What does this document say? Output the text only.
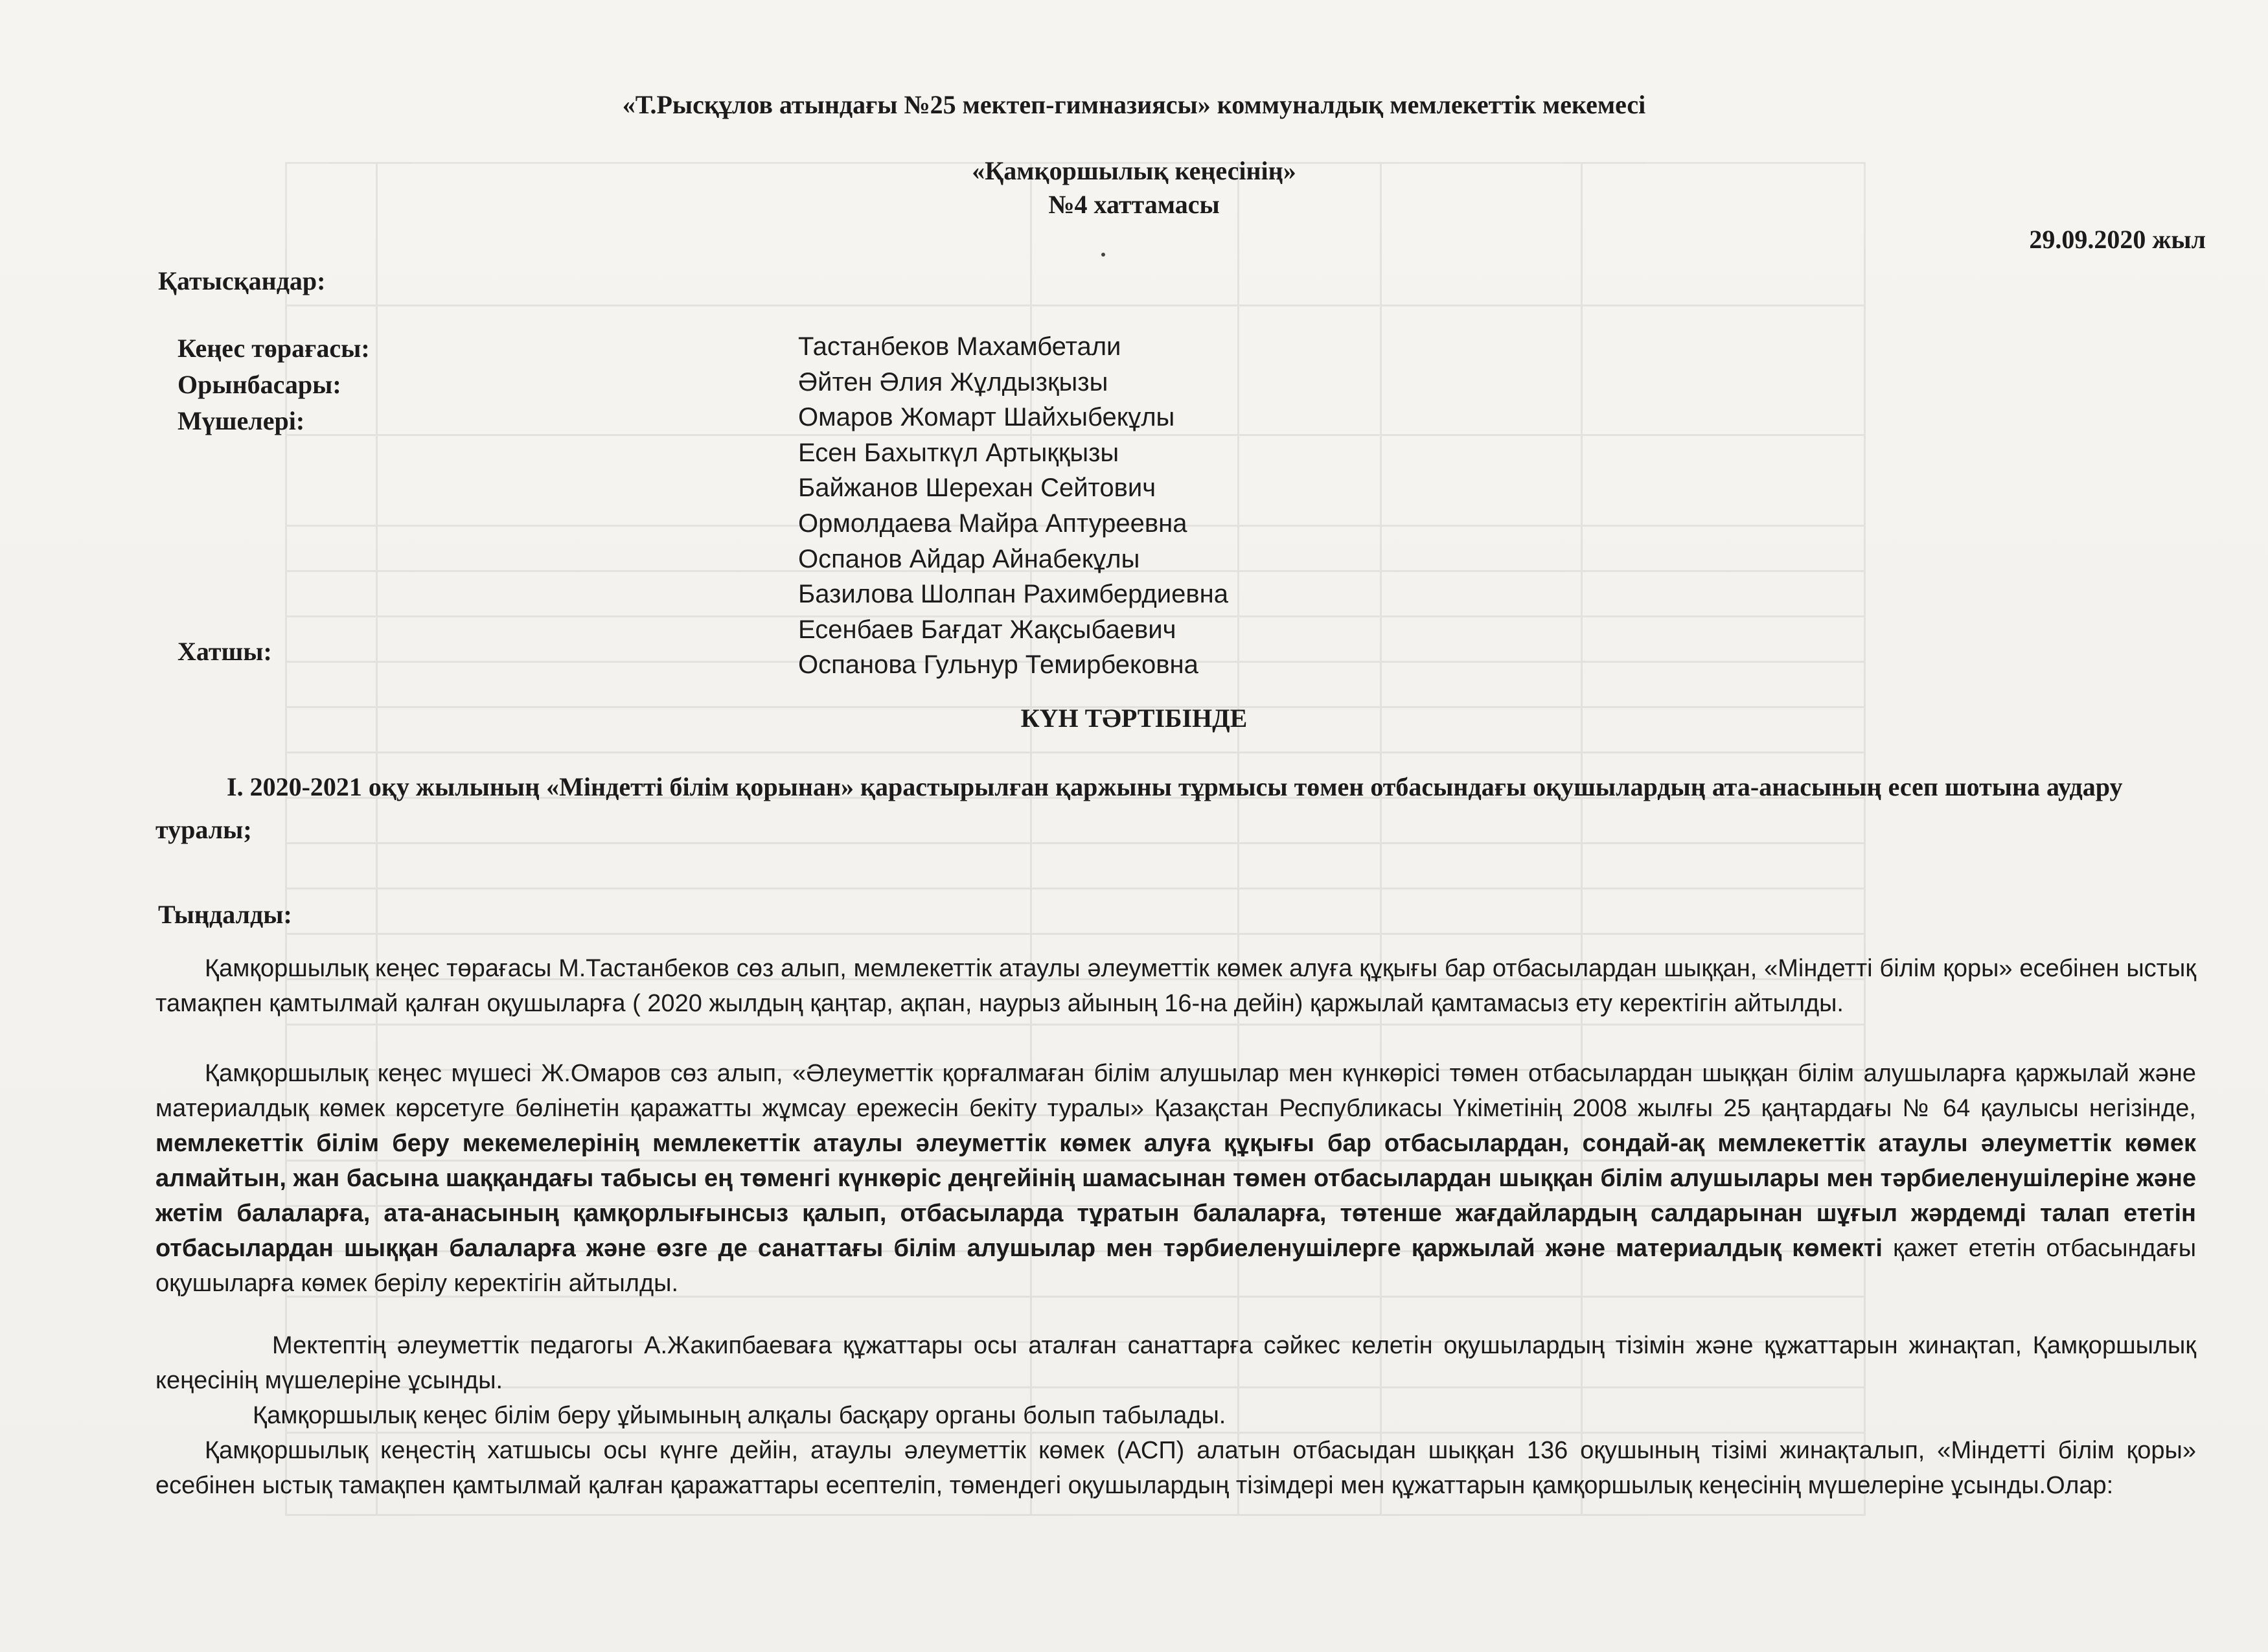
«Т.Рысқұлов атындағы №25 мектеп-гимназиясы» коммуналдық мемлекеттік мекемесі
«Қамқоршылық кеңесінің»
№4 хаттамасы
29.09.2020 жыл
Қатысқандар:
Кеңес төрағасы:
Орынбасары:
Мүшелері:
Хатшы:
Тастанбеков Махамбетали
Әйтен Әлия Жұлдызқызы
Омаров Жомарт Шайхыбекұлы
Есен Бахыткүл Артыққызы
Байжанов Шерехан Сейтович
Ормолдаева Майра Аптуреевна
Оспанов Айдар Айнабекұлы
Базилова Шолпан Рахимбердиевна
Есенбаев Бағдат Жақсыбаевич
Оспанова Гульнур Темирбековна
КҮН ТӘРТІБІНДЕ
I. 2020-2021 оқу жылының «Міндетті білім қорынан» қарастырылған қаржыны тұрмысы төмен отбасындағы оқушылардың ата-анасының есеп шотына аудару туралы;
Тыңдалды:
Қамқоршылық кеңес төрағасы М.Тастанбеков сөз алып, мемлекеттік атаулы әлеуметтік көмек алуға құқығы бар отбасылардан шыққан, «Міндетті білім қоры» есебінен ыстық тамақпен қамтылмай қалған оқушыларға ( 2020 жылдың қаңтар, ақпан, наурыз айының 16-на дейін) қаржылай қамтамасыз ету керектігін айтылды.
Қамқоршылық кеңес мүшесі Ж.Омаров сөз алып, «Әлеуметтік қорғалмаған білім алушылар мен күнкөрісі төмен отбасылардан шыққан білім алушыларға қаржылай және материалдық көмек көрсетуге бөлінетін қаражатты жұмсау ережесін бекіту туралы» Қазақстан Республикасы Үкіметінің 2008 жылғы 25 қаңтардағы № 64 қаулысы негізінде, мемлекеттік білім беру мекемелерінің мемлекеттік атаулы әлеуметтік көмек алуға құқығы бар отбасылардан, сондай-ақ мемлекеттік атаулы әлеуметтік көмек алмайтын, жан басына шаққандағы табысы ең төменгі күнкөріс деңгейінің шамасынан төмен отбасылардан шыққан білім алушылары мен тәрбиеленушілеріне және жетім балаларға, ата-анасының қамқорлығынсыз қалып, отбасыларда тұратын балаларға, төтенше жағдайлардың салдарынан шұғыл жәрдемді талап ететін отбасылардан шыққан балаларға және өзге де санаттағы білім алушылар мен тәрбиеленушілерге қаржылай және материалдық көмекті қажет ететін отбасындағы оқушыларға көмек берілу керектігін айтылды.
Мектептің әлеуметтік педагогы А.Жакипбаеваға құжаттары осы аталған санаттарға сәйкес келетін оқушылардың тізімін және құжаттарын жинақтап, Қамқоршылық кеңесінің мүшелеріне ұсынды.
Қамқоршылық кеңес білім беру ұйымының алқалы басқару органы болып табылады.
Қамқоршылық кеңестің хатшысы осы күнге дейін, атаулы әлеуметтік көмек (АСП) алатын отбасыдан шыққан 136 оқушының тізімі жинақталып, «Міндетті білім қоры» есебінен ыстық тамақпен қамтылмай қалған қаражаттары есептеліп, төмендегі оқушылардың тізімдері мен құжаттарын қамқоршылық кеңесінің мүшелеріне ұсынды.Олар:
